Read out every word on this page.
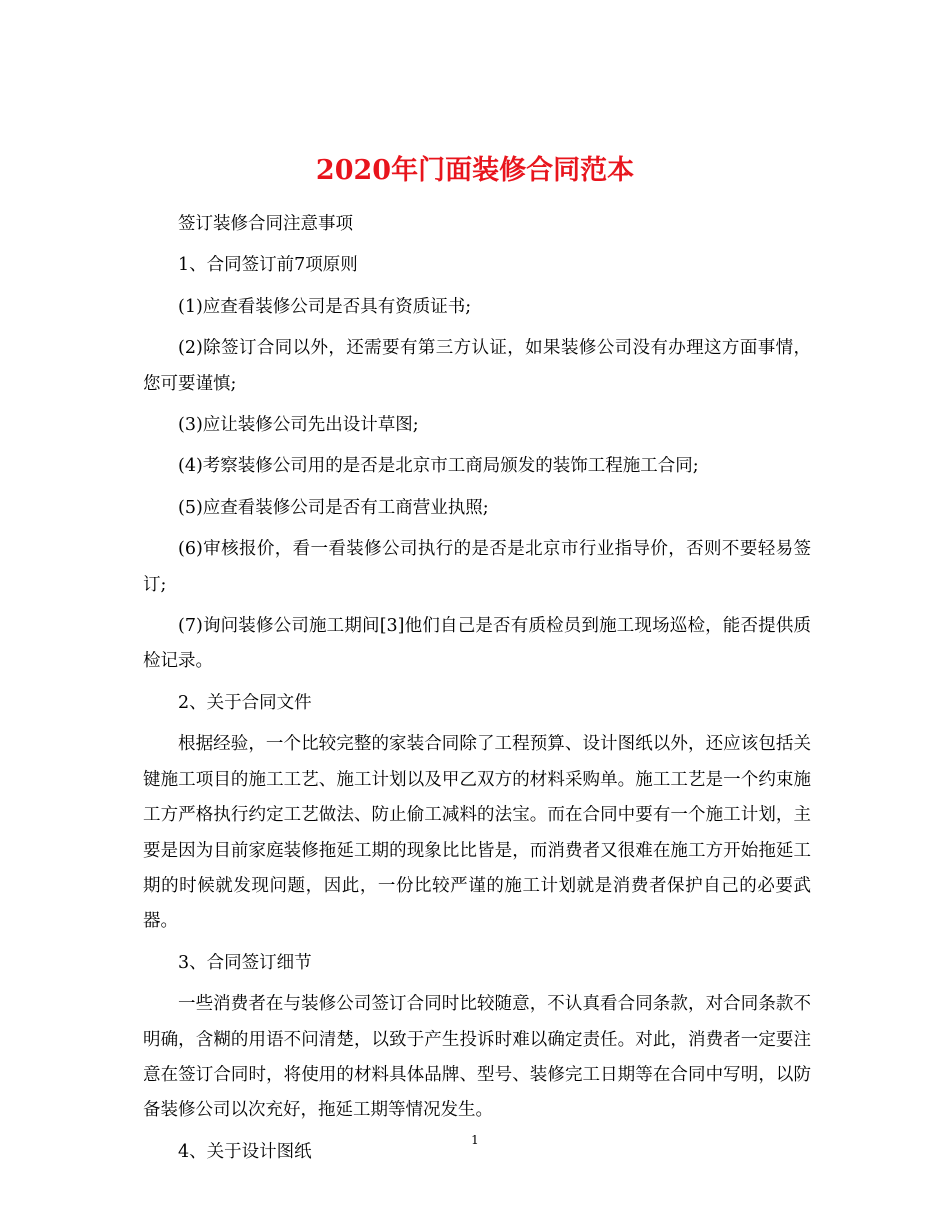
2020年门面装修合同范本

签订装修合同注意事项

1、合同签订前7项原则

(1)应查看装修公司是否具有资质证书;

(2)除签订合同以外，还需要有第三方认证，如果装修公司没有办理这方面事情，您可要谨慎;

(3)应让装修公司先出设计草图;

(4)考察装修公司用的是否是北京市工商局颁发的装饰工程施工合同;

(5)应查看装修公司是否有工商营业执照;

(6)审核报价，看一看装修公司执行的是否是北京市行业指导价，否则不要轻易签订;

(7)询问装修公司施工期间[3]他们自己是否有质检员到施工现场巡检，能否提供质检记录。

2、关于合同文件

根据经验，一个比较完整的家装合同除了工程预算、设计图纸以外，还应该包括关键施工项目的施工工艺、施工计划以及甲乙双方的材料采购单。施工工艺是一个约束施工方严格执行约定工艺做法、防止偷工减料的法宝。而在合同中要有一个施工计划，主要是因为目前家庭装修拖延工期的现象比比皆是，而消费者又很难在施工方开始拖延工期的时候就发现问题，因此，一份比较严谨的施工计划就是消费者保护自己的必要武器。

3、合同签订细节

一些消费者在与装修公司签订合同时比较随意，不认真看合同条款，对合同条款不明确，含糊的用语不问清楚，以致于产生投诉时难以确定责任。对此，消费者一定要注意在签订合同时，将使用的材料具体品牌、型号、装修完工日期等在合同中写明，以防备装修公司以次充好，拖延工期等情况发生。

4、关于设计图纸

1
